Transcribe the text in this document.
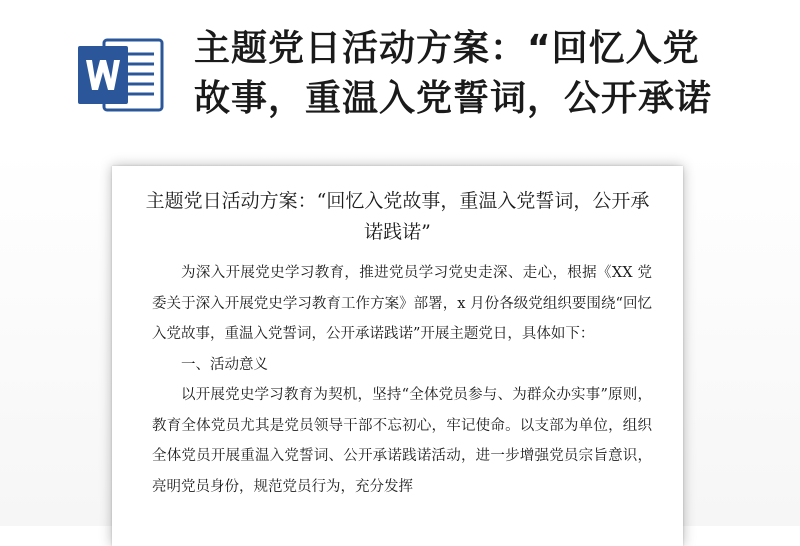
主题党日活动方案：“回忆入党故事，重温入党誓词，公开承诺
主题党日活动方案：“回忆入党故事，重温入党誓词，公开承诺践诺”

为深入开展党史学习教育，推进党员学习党史走深、走心，根据《XX 党委关于深入开展党史学习教育工作方案》部署，x 月份各级党组织要围绕“回忆入党故事，重温入党誓词，公开承诺践诺”开展主题党日，具体如下：

一、活动意义

以开展党史学习教育为契机，坚持“全体党员参与、为群众办实事”原则，教育全体党员尤其是党员领导干部不忘初心，牢记使命。以支部为单位，组织全体党员开展重温入党誓词、公开承诺践诺活动，进一步增强党员宗旨意识，亮明党员身份，规范党员行为，充分发挥
